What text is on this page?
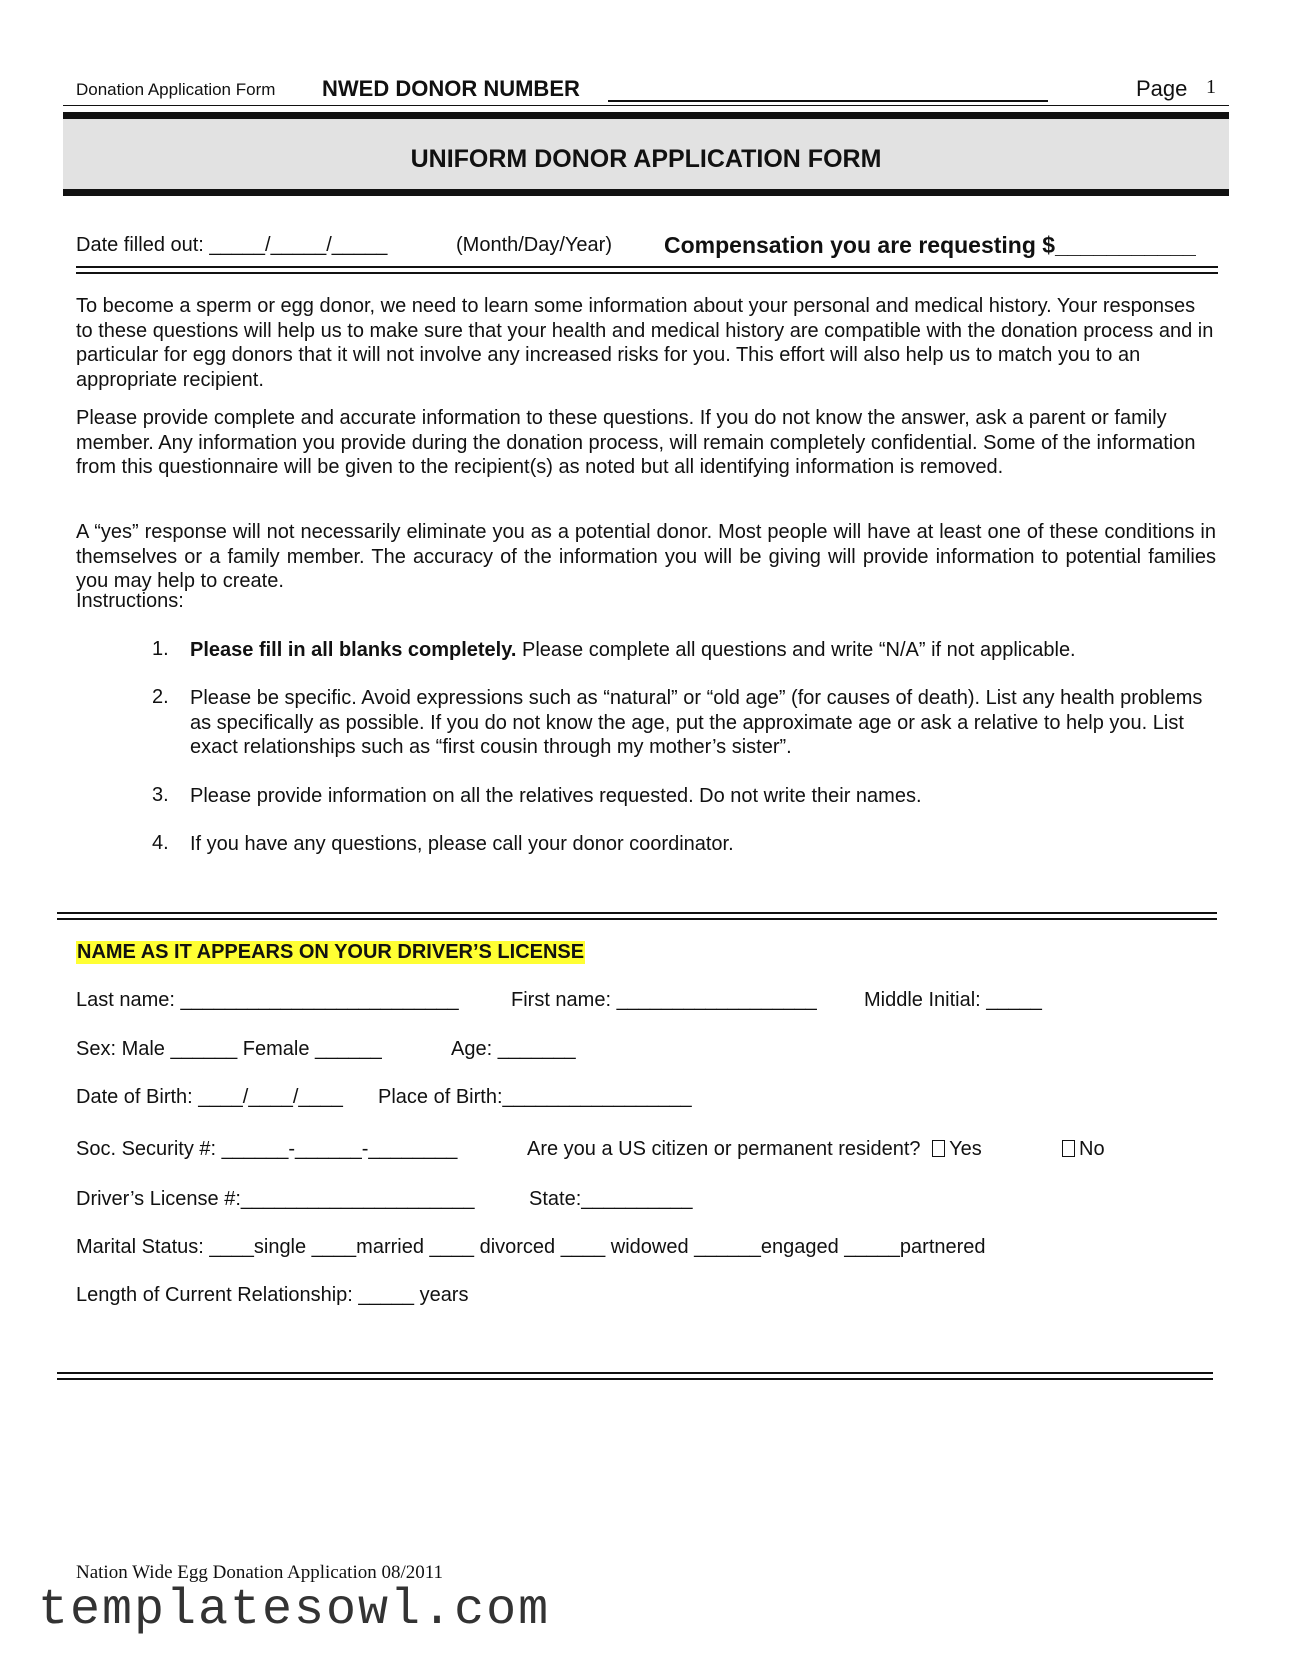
Donation Application Form NWED DONOR NUMBER	Page 1
UNIFORM DONOR APPLICATION FORM
Date filled out: _____/_____/_____	(Month/Day/Year) Compensation you are requesting $___________

To become a sperm or egg donor, we need to learn some information about your personal and medical history. Your responses to these questions will help us to make sure that your health and medical history are compatible with the donation process and in particular for egg donors that it will not involve any increased risks for you. This effort will also help us to match you to an appropriate recipient.

Please provide complete and accurate information to these questions. If you do not know the answer, ask a parent or family member. Any information you provide during the donation process, will remain completely confidential. Some of the information from this questionnaire will be given to the recipient(s) as noted but all identifying information is removed.

A “yes” response will not necessarily eliminate you as a potential donor. Most people will have at least one of these conditions in themselves or a family member. The accuracy of the information you will be giving will provide information to potential families you may help to create.

Instructions:
1. Please fill in all blanks completely. Please complete all questions and write “N/A” if not applicable.
2. Please be specific. Avoid expressions such as “natural” or “old age” (for causes of death). List any health problems as specifically as possible. If you do not know the age, put the approximate age or ask a relative to help you. List exact relationships such as “first cousin through my mother’s sister”.
3. Please provide information on all the relatives requested. Do not write their names.
4. If you have any questions, please call your donor coordinator.
NAME AS IT APPEARS ON YOUR DRIVER’S LICENSE
Last name: _________________________	First name: __________________ Middle Initial: _____
Sex: Male ______ Female ______	Age: _______
Date of Birth: ____/____/____ Place of Birth:_________________
Soc. Security #: ______-______-________	Are you a US citizen or permanent resident? Yes	No
Driver’s License #:_____________________	State:__________
Marital Status: ____single ____married ____ divorced ____ widowed ______engaged _____partnered
Length of Current Relationship: _____ years
Nation Wide Egg Donation Application 08/2011
templatesowl.com
